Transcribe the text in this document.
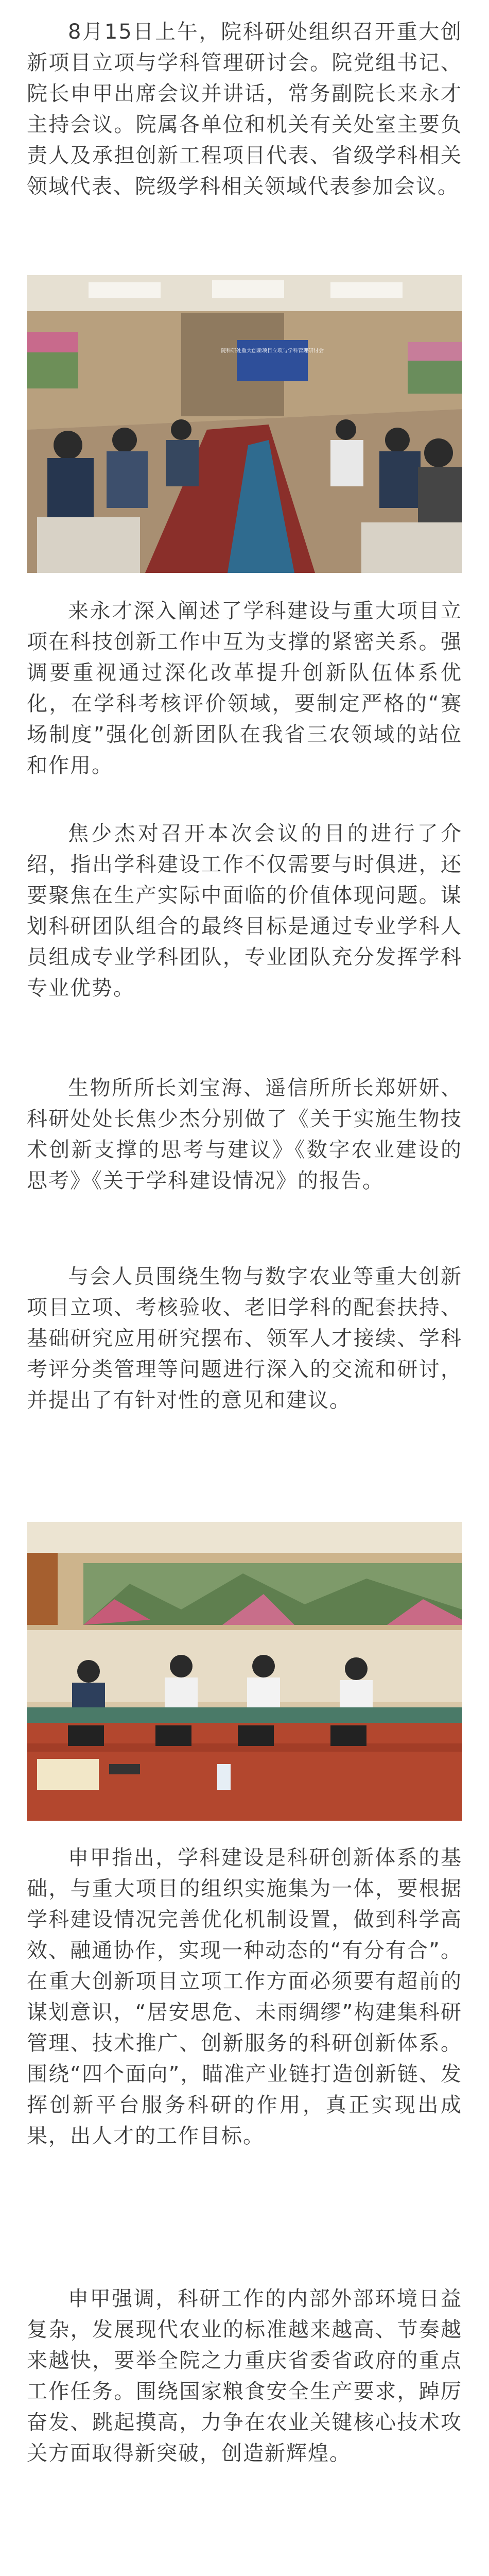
8月15日上午，院科研处组织召开重大创新项目立项与学科管理研讨会。院党组书记、院长申甲出席会议并讲话，常务副院长来永才主持会议。院属各单位和机关有关处室主要负责人及承担创新工程项目代表、省级学科相关领域代表、院级学科相关领域代表参加会议。

院科研处重大创新项目立项与学科管理研讨会

来永才深入阐述了学科建设与重大项目立项在科技创新工作中互为支撑的紧密关系。强调要重视通过深化改革提升创新队伍体系优化，在学科考核评价领域，要制定严格的“赛场制度”强化创新团队在我省三农领域的站位和作用。

焦少杰对召开本次会议的目的进行了介绍，指出学科建设工作不仅需要与时俱进，还要聚焦在生产实际中面临的价值体现问题。谋划科研团队组合的最终目标是通过专业学科人员组成专业学科团队，专业团队充分发挥学科专业优势。

生物所所长刘宝海、遥信所所长郑妍妍、科研处处长焦少杰分别做了《关于实施生物技术创新支撑的思考与建议》《数字农业建设的思考》《关于学科建设情况》的报告。

与会人员围绕生物与数字农业等重大创新项目立项、考核验收、老旧学科的配套扶持、基础研究应用研究摆布、领军人才接续、学科考评分类管理等问题进行深入的交流和研讨，并提出了有针对性的意见和建议。

申甲指出，学科建设是科研创新体系的基础，与重大项目的组织实施集为一体，要根据学科建设情况完善优化机制设置，做到科学高效、融通协作，实现一种动态的“有分有合”。在重大创新项目立项工作方面必须要有超前的谋划意识，“居安思危、未雨绸缪”构建集科研管理、技术推广、创新服务的科研创新体系。围绕“四个面向”，瞄准产业链打造创新链、发挥创新平台服务科研的作用，真正实现出成果，出人才的工作目标。

申甲强调，科研工作的内部外部环境日益复杂，发展现代农业的标准越来越高、节奏越来越快，要举全院之力重庆省委省政府的重点工作任务。围绕国家粮食安全生产要求，踔厉奋发、跳起摸高，力争在农业关键核心技术攻关方面取得新突破，创造新辉煌。
